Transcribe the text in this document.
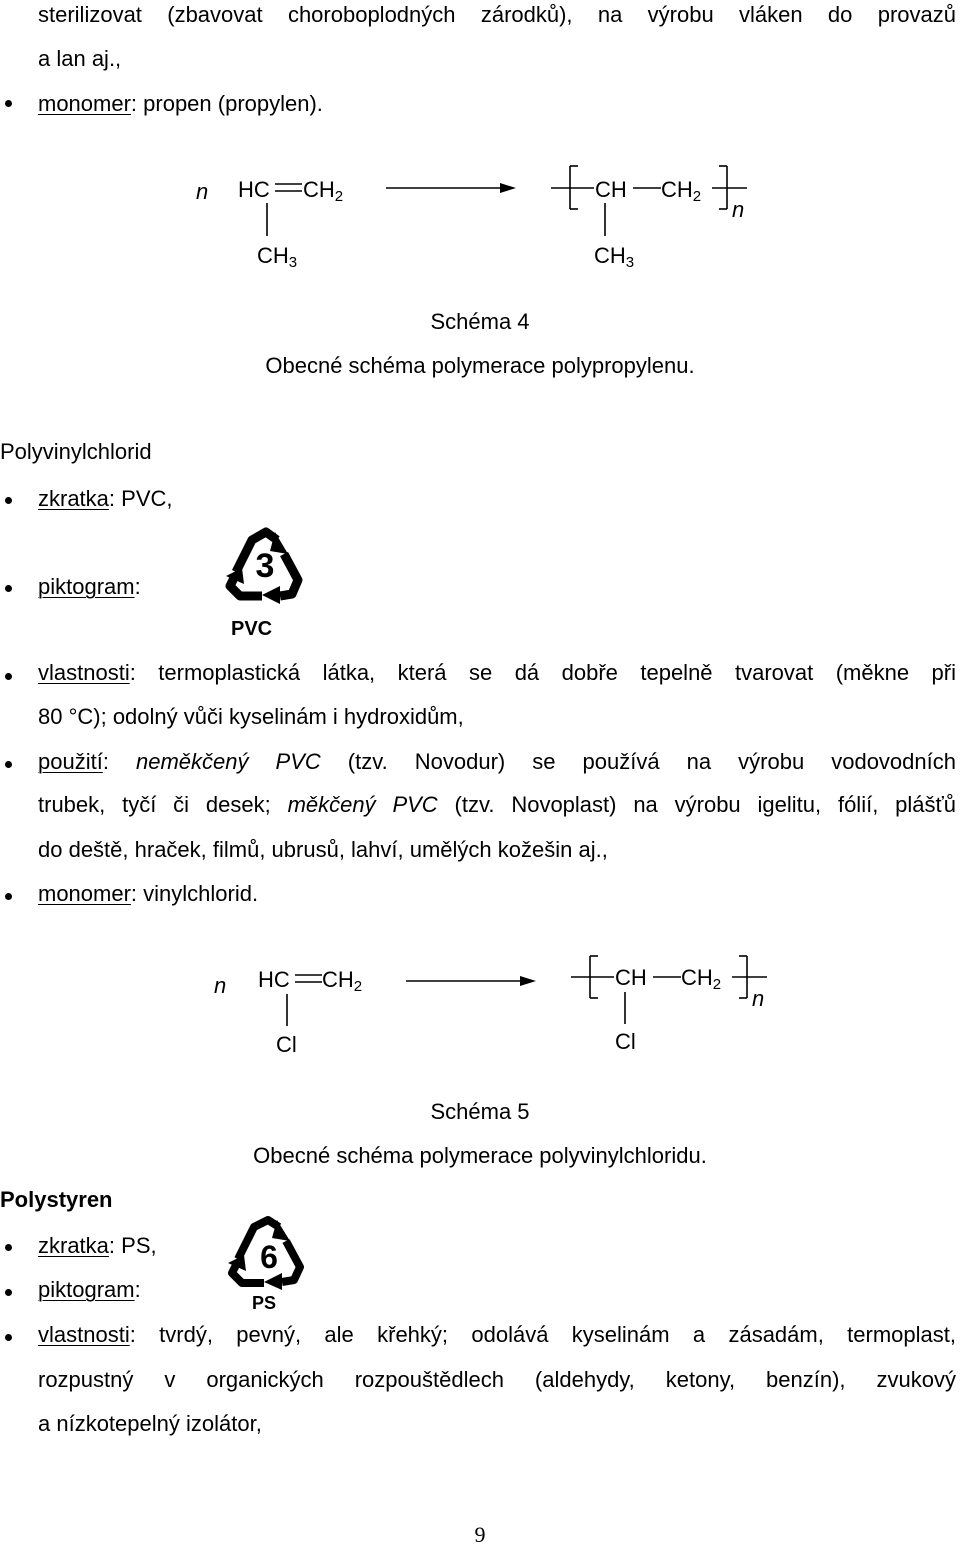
sterilizovat (zbavovat choroboplodných zárodků), na výrobu vláken do provazů
a lan aj.,
monomer: propen (propylen).
n HC $CH_2$
$CH_3$
CH $CH_2$
n
$CH_3$
Schéma 4
Obecné schéma polymerace polypropylenu.
Polyvinylchlorid
zkratka: PVC,
piktogram:
3
PVC
vlastnosti: termoplastická látka, která se dá dobře tepelně tvarovat (měkne při
80 °C); odolný vůči kyselinám i hydroxidům,
použití: neměkčený PVC (tzv. Novodur) se používá na výrobu vodovodních
trubek, tyčí či desek; měkčený PVC (tzv. Novoplast) na výrobu igelitu, fólií, plášťů
do deště, hraček, filmů, ubrusů, lahví, umělých kožešin aj.,
monomer: vinylchlorid.
n HC $CH_2$
Cl
CH $CH_2$
n
Cl
Schéma 5
Obecné schéma polymerace polyvinylchloridu.
Polystyren
zkratka: PS,
piktogram:
6
PS
vlastnosti: tvrdý, pevný, ale křehký; odolává kyselinám a zásadám, termoplast,
rozpustný v organických rozpouštědlech (aldehydy, ketony, benzín), zvukový
a nízkotepelný izolátor,
9
